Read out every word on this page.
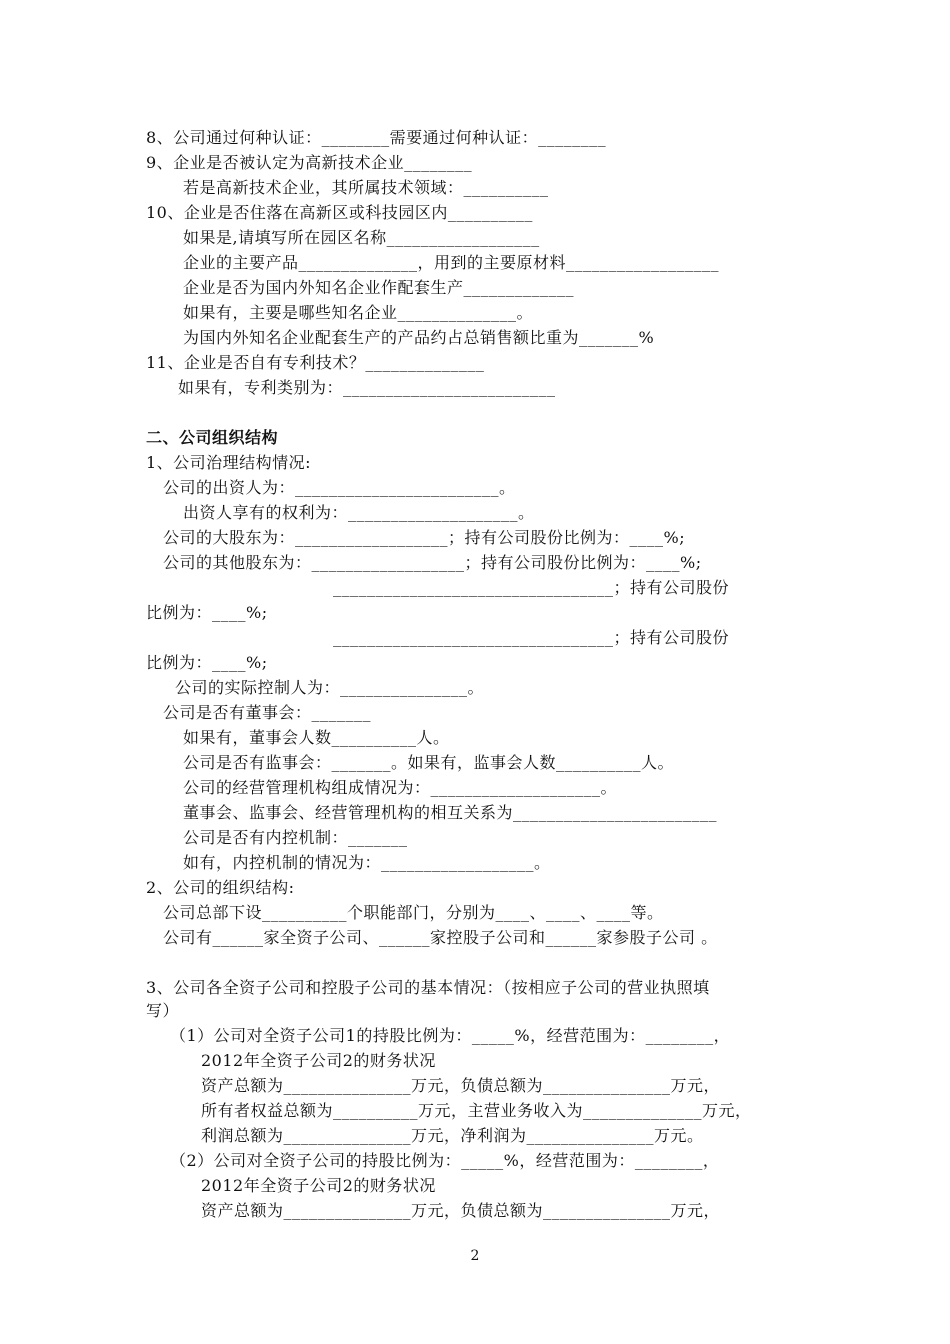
8、公司通过何种认证：________需要通过何种认证：________
9、企业是否被认定为高新技术企业________
若是高新技术企业，其所属技术领域：__________
10、企业是否住落在高新区或科技园区内__________
如果是,请填写所在园区名称__________________
企业的主要产品______________，用到的主要原材料__________________
企业是否为国内外知名企业作配套生产_____________
如果有，主要是哪些知名企业______________。
为国内外知名企业配套生产的产品约占总销售额比重为_______%
11、企业是否自有专利技术？______________
如果有，专利类别为：_________________________
二、公司组织结构
1、公司治理结构情况:
公司的出资人为：________________________。
出资人享有的权利为：____________________。
公司的大股东为：__________________；持有公司股份比例为：____%;
公司的其他股东为：__________________；持有公司股份比例为：____%;
_________________________________；持有公司股份
比例为：____%;
_________________________________；持有公司股份
比例为：____%;
公司的实际控制人为：_______________。
公司是否有董事会：_______
如果有，董事会人数__________人。
公司是否有监事会：_______。如果有，监事会人数__________人。
公司的经营管理机构组成情况为：____________________。
董事会、监事会、经营管理机构的相互关系为________________________
公司是否有内控机制：_______
如有，内控机制的情况为：__________________。
2、公司的组织结构:
公司总部下设__________个职能部门，分别为____、____、____等。
公司有______家全资子公司、______家控股子公司和______家参股子公司 。
3、公司各全资子公司和控股子公司的基本情况：（按相应子公司的营业执照填
写）
（1）公司对全资子公司1的持股比例为：_____%，经营范围为：________，
2012年全资子公司2的财务状况
资产总额为_______________万元，负债总额为_______________万元，
所有者权益总额为__________万元，主营业务收入为______________万元，
利润总额为_______________万元，净利润为_______________万元。
（2）公司对全资子公司的持股比例为：_____%，经营范围为：________，
2012年全资子公司2的财务状况
资产总额为_______________万元，负债总额为_______________万元，
2
